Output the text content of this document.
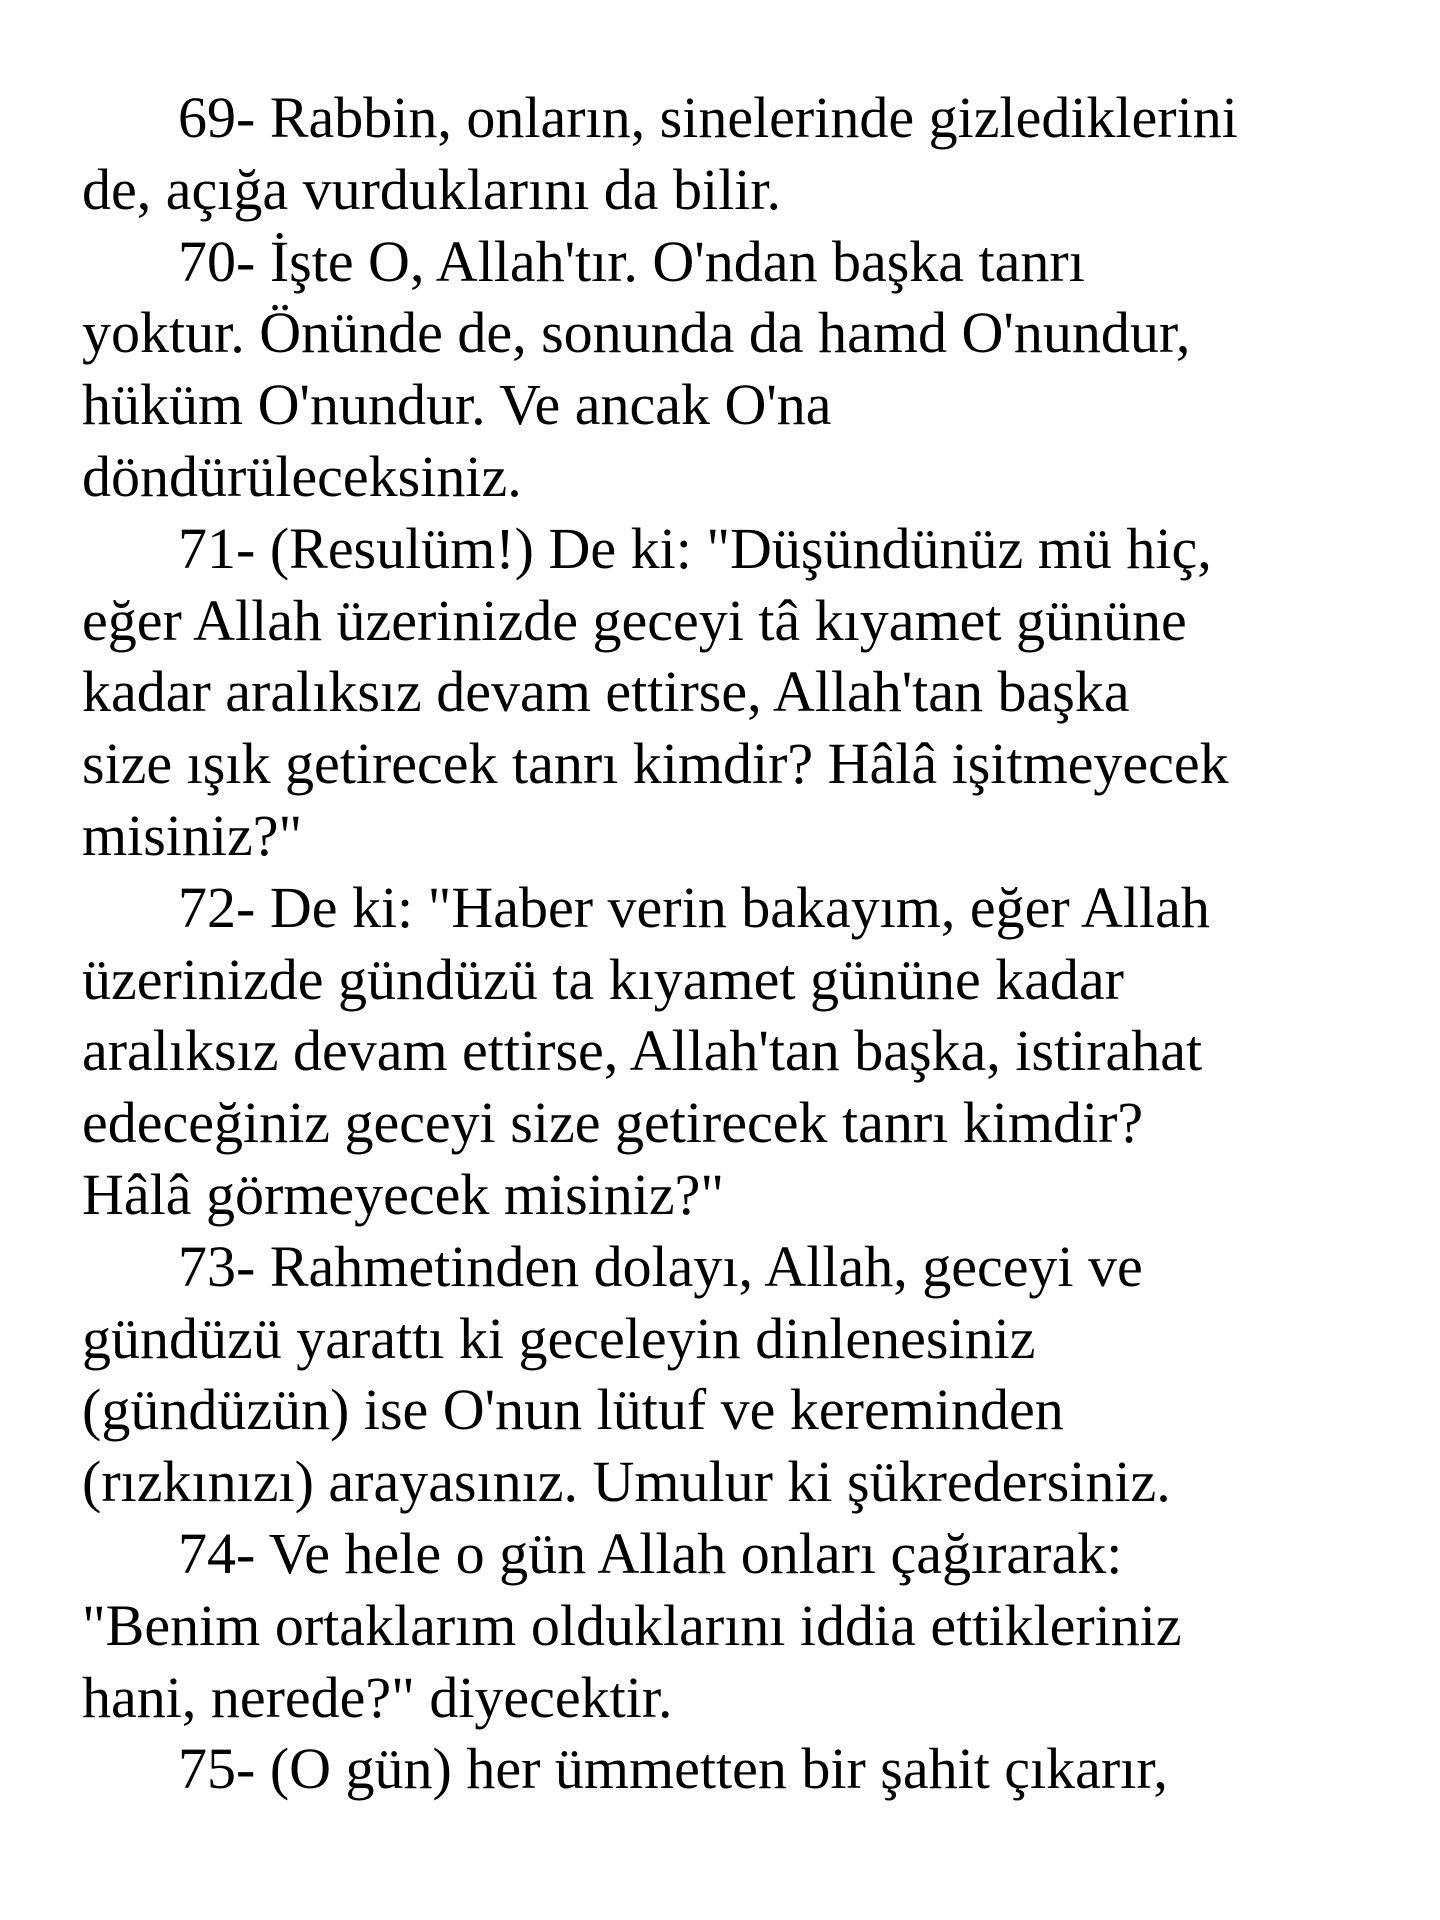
69- Rabbin, onların, sinelerinde gizlediklerini
de, açığa vurduklarını da bilir.

70- İşte O, Allah'tır. O'ndan başka tanrı
yoktur. Önünde de, sonunda da hamd O'nundur,
hüküm O'nundur. Ve ancak O'na
döndürüleceksiniz.

71- (Resulüm!) De ki: "Düşündünüz mü hiç,
eğer Allah üzerinizde geceyi tâ kıyamet gününe
kadar aralıksız devam ettirse, Allah'tan başka
size ışık getirecek tanrı kimdir? Hâlâ işitmeyecek
misiniz?"

72- De ki: "Haber verin bakayım, eğer Allah
üzerinizde gündüzü ta kıyamet gününe kadar
aralıksız devam ettirse, Allah'tan başka, istirahat
edeceğiniz geceyi size getirecek tanrı kimdir?
Hâlâ görmeyecek misiniz?"

73- Rahmetinden dolayı, Allah, geceyi ve
gündüzü yarattı ki geceleyin dinlenesiniz
(gündüzün) ise O'nun lütuf ve kereminden
(rızkınızı) arayasınız. Umulur ki şükredersiniz.

74- Ve hele o gün Allah onları çağırarak:
"Benim ortaklarım olduklarını iddia ettikleriniz
hani, nerede?" diyecektir.

75- (O gün) her ümmetten bir şahit çıkarır,
